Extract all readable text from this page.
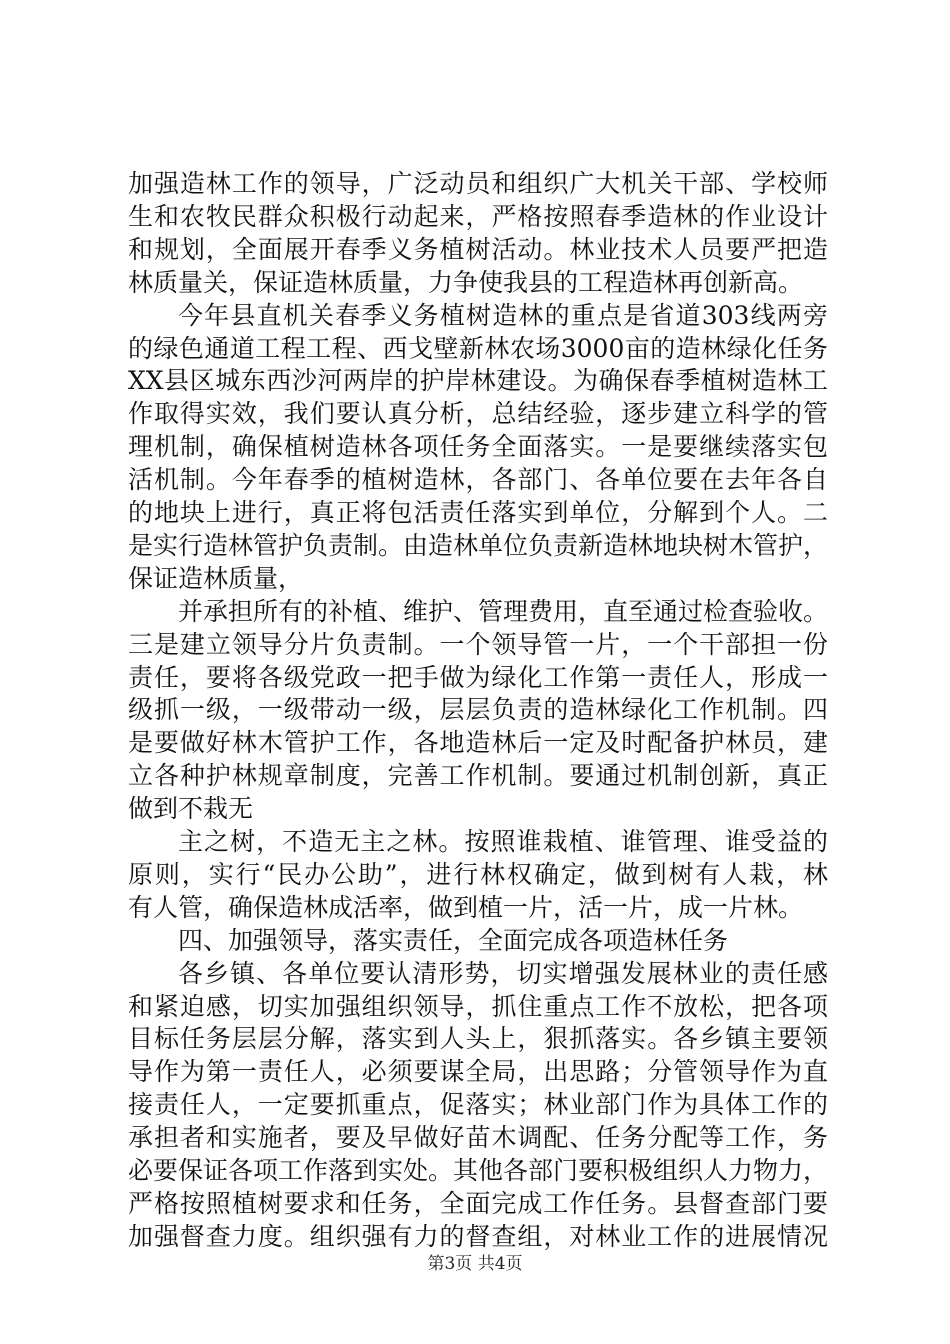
加强造林工作的领导，广泛动员和组织广大机关干部、学校师
生和农牧民群众积极行动起来，严格按照春季造林的作业设计
和规划，全面展开春季义务植树活动。林业技术人员要严把造
林质量关，保证造林质量，力争使我县的工程造林再创新高。
今年县直机关春季义务植树造林的重点是省道303线两旁
的绿色通道工程工程、西戈壁新林农场3000亩的造林绿化任务
XX县区城东西沙河两岸的护岸林建设。为确保春季植树造林工
作取得实效，我们要认真分析，总结经验，逐步建立科学的管
理机制，确保植树造林各项任务全面落实。一是要继续落实包
活机制。今年春季的植树造林，各部门、各单位要在去年各自
的地块上进行，真正将包活责任落实到单位，分解到个人。二
是实行造林管护负责制。由造林单位负责新造林地块树木管护，
保证造林质量，
并承担所有的补植、维护、管理费用，直至通过检查验收。
三是建立领导分片负责制。一个领导管一片，一个干部担一份
责任，要将各级党政一把手做为绿化工作第一责任人，形成一
级抓一级，一级带动一级，层层负责的造林绿化工作机制。四
是要做好林木管护工作，各地造林后一定及时配备护林员，建
立各种护林规章制度，完善工作机制。要通过机制创新，真正
做到不栽无
主之树，不造无主之林。按照谁栽植、谁管理、谁受益的
原则，实行“民办公助”，进行林权确定，做到树有人栽，林
有人管，确保造林成活率，做到植一片，活一片，成一片林。
四、加强领导，落实责任，全面完成各项造林任务
各乡镇、各单位要认清形势，切实增强发展林业的责任感
和紧迫感，切实加强组织领导，抓住重点工作不放松，把各项
目标任务层层分解，落实到人头上，狠抓落实。各乡镇主要领
导作为第一责任人，必须要谋全局，出思路；分管领导作为直
接责任人，一定要抓重点，促落实；林业部门作为具体工作的
承担者和实施者，要及早做好苗木调配、任务分配等工作，务
必要保证各项工作落到实处。其他各部门要积极组织人力物力，
严格按照植树要求和任务，全面完成工作任务。县督查部门要
加强督查力度。组织强有力的督查组，对林业工作的进展情况
第3页 共4页
